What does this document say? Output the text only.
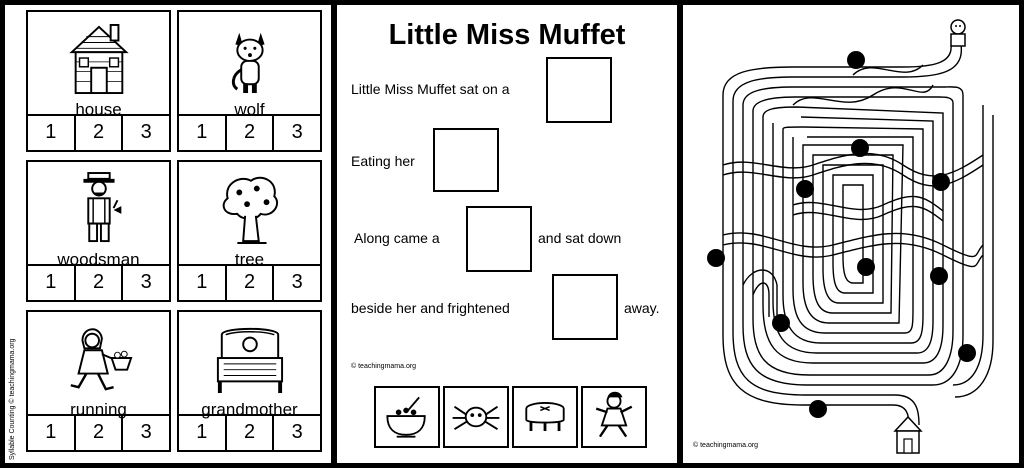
house
1	2	3
wolf
1	2	3
woodsman
1	2	3
tree
1	2	3
running
1	2	3
grandmother
1	2	3
Syllable Counting © teachingmama.org
Little Miss Muffet
Little Miss Muffet sat on a
Eating her
Along came a	and sat down
beside her and frightened	away.
© teachingmama.org
© teachingmama.org
